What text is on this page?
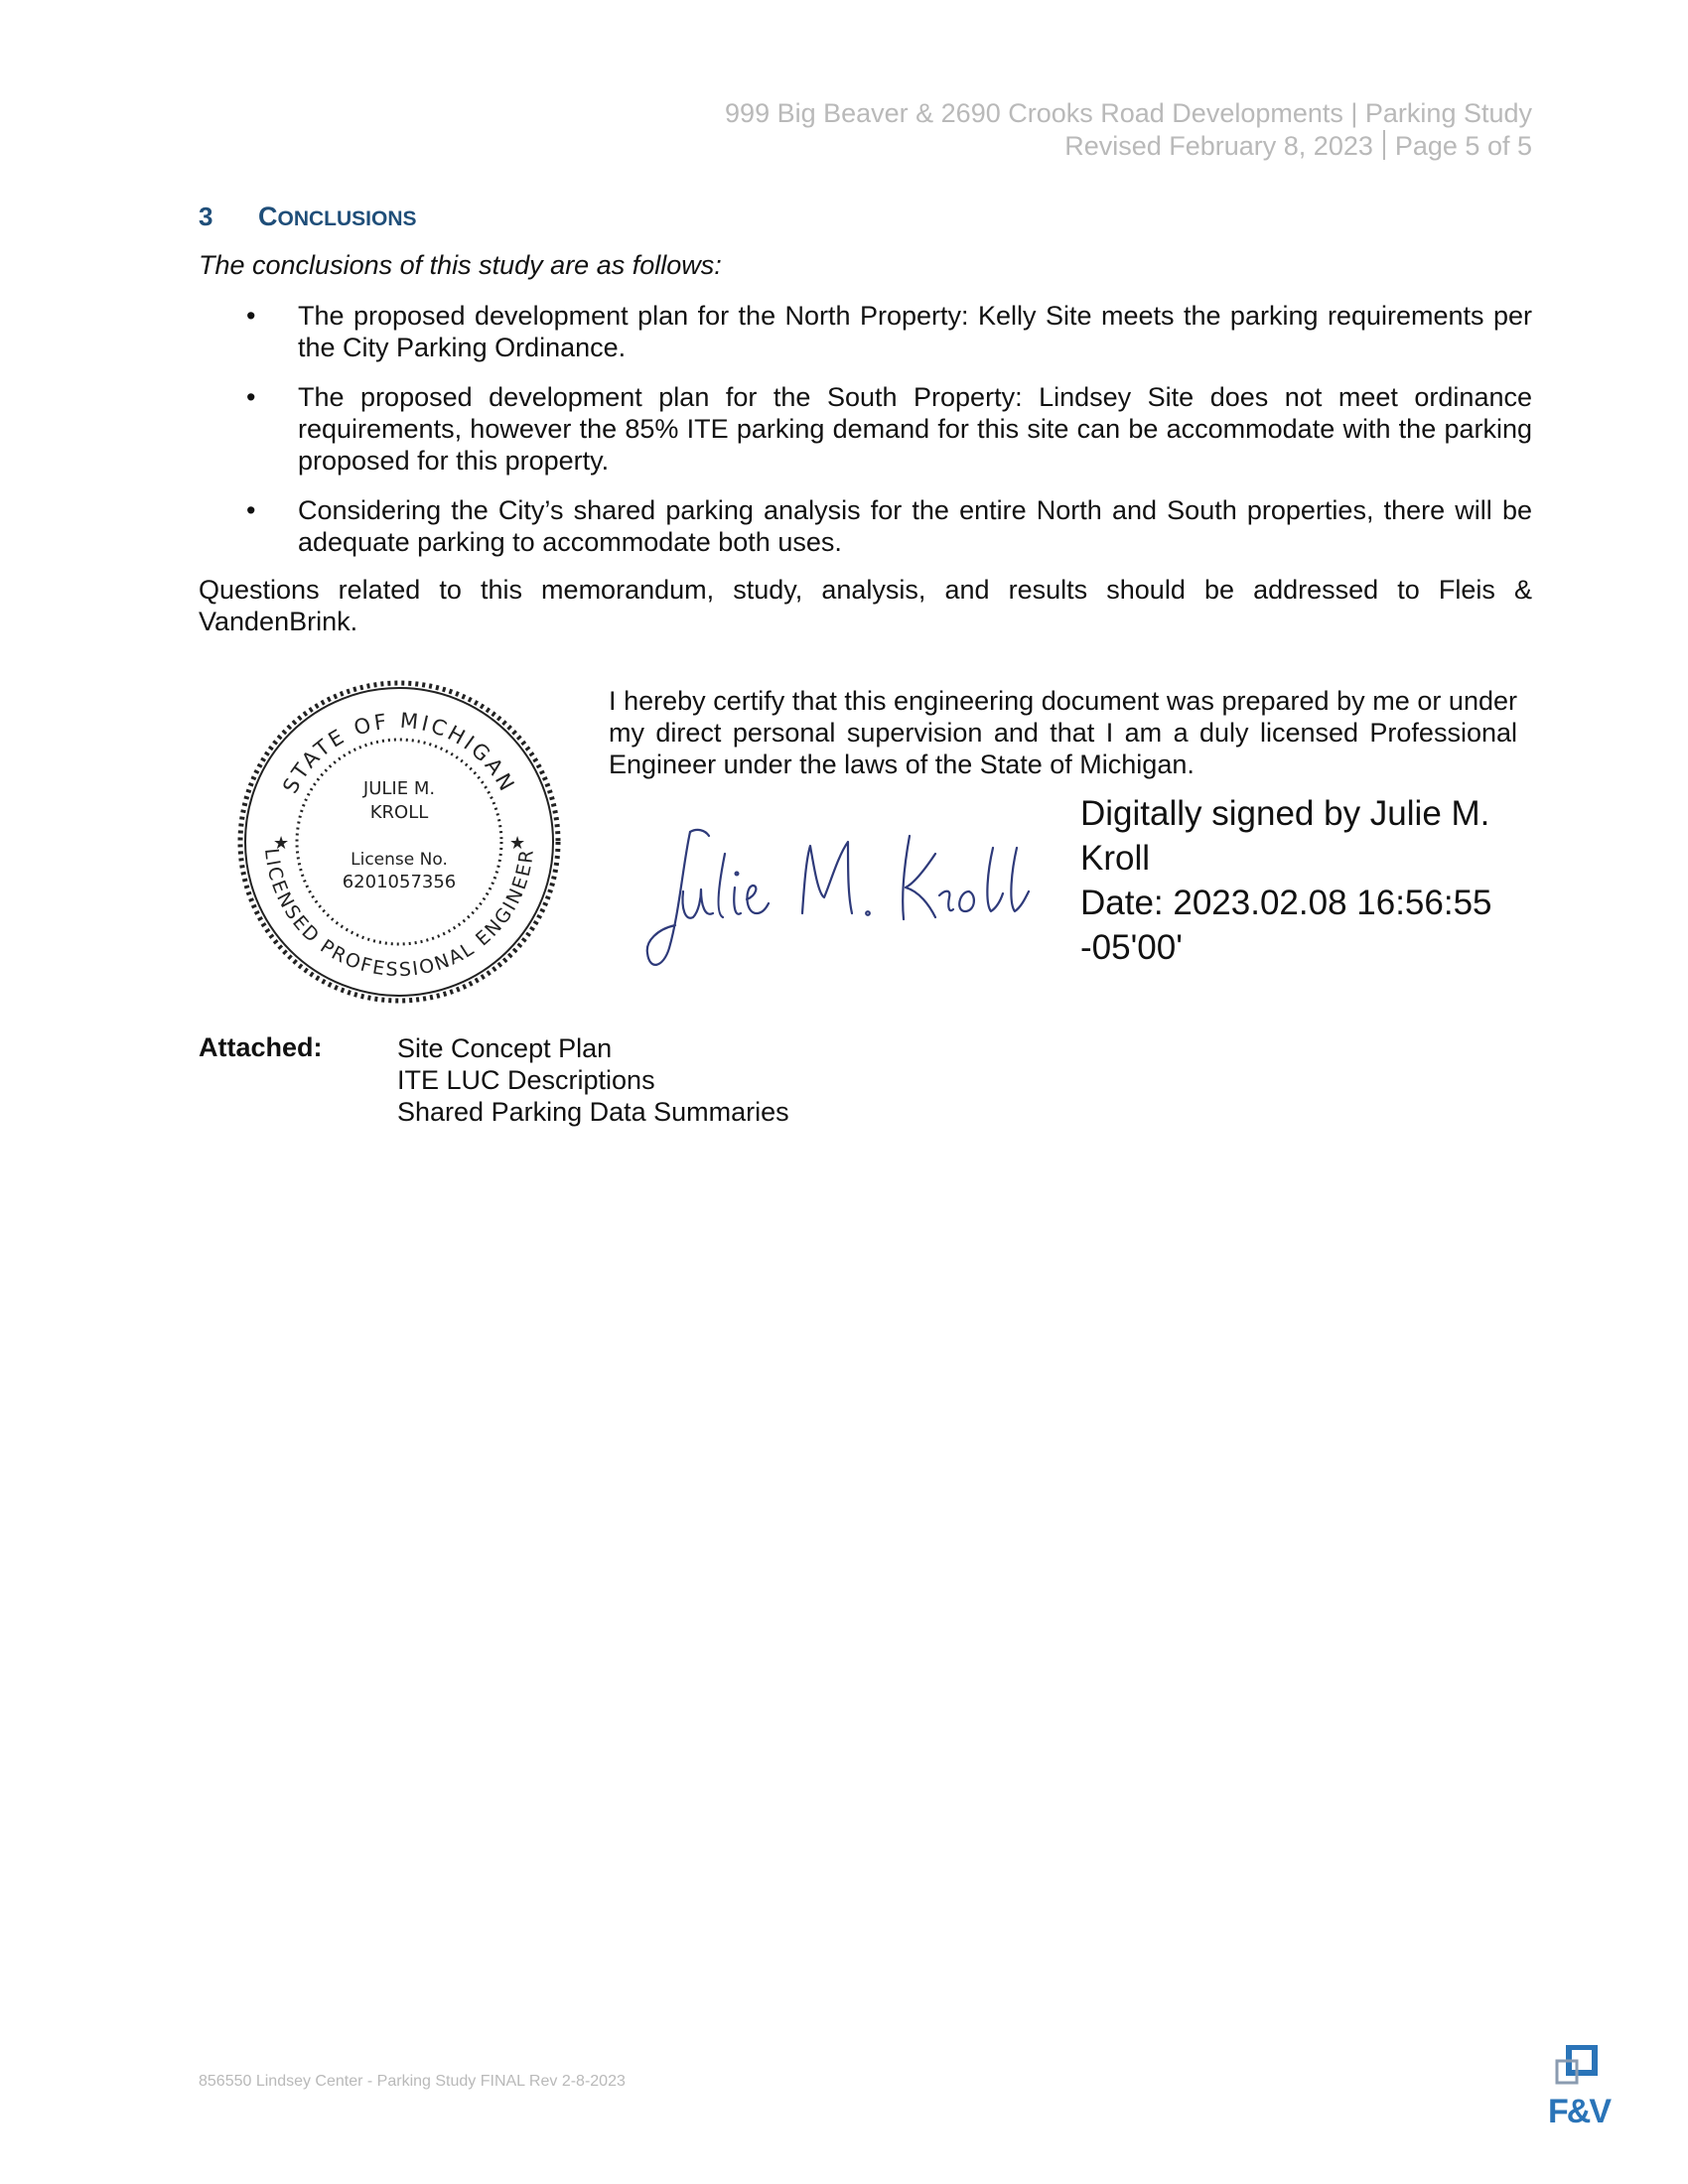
999 Big Beaver & 2690 Crooks Road Developments | Parking Study
Revised February 8, 2023 Page 5 of 5
3 CONCLUSIONS
The conclusions of this study are as follows:
• The proposed development plan for the North Property: Kelly Site meets the parking requirements per the City Parking Ordinance.
• The proposed development plan for the South Property: Lindsey Site does not meet ordinance requirements, however the 85% ITE parking demand for this site can be accommodate with the parking proposed for this property.
• Considering the City’s shared parking analysis for the entire North and South properties, there will be adequate parking to accommodate both uses.
Questions related to this memorandum, study, analysis, and results should be addressed to Fleis & VandenBrink.
STATE OF MICHIGAN
LICENSED PROFESSIONAL ENGINEER
★	★
JULIE M.
KROLL
License No.
6201057356
I hereby certify that this engineering document was prepared by me or under my direct personal supervision and that I am a duly licensed Professional Engineer under the laws of the State of Michigan.
Digitally signed by Julie M.
Kroll
Date: 2023.02.08 16:56:55
-05'00'
Attached:	Site Concept Plan
ITE LUC Descriptions
Shared Parking Data Summaries
856550 Lindsey Center - Parking Study FINAL Rev 2-8-2023
F&V
